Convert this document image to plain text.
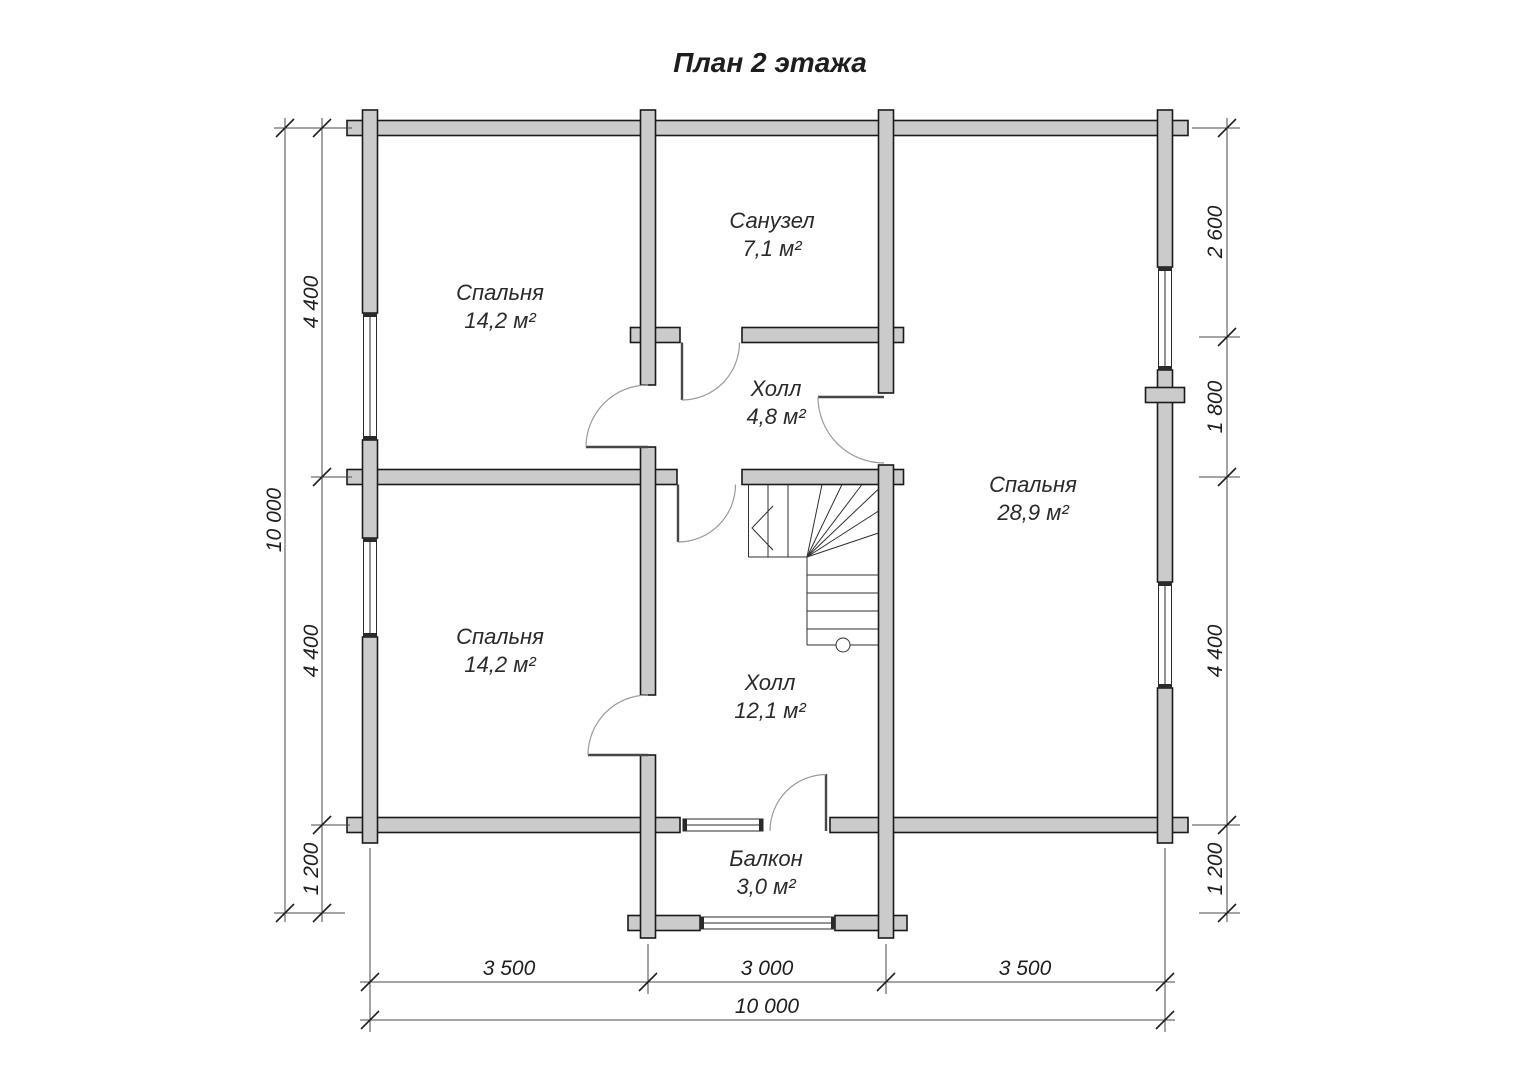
План 2 этажа
4 400
4 400
1 200
10 000
2 600
1 800
4 400
1 200
3 500	3 000	3 500
10 000
Спальня
14,2 м²
Санузел
7,1 м²
Холл
4,8 м²
Спальня
28,9 м²
Спальня
14,2 м²
Холл
12,1 м²
Балкон
3,0 м²
